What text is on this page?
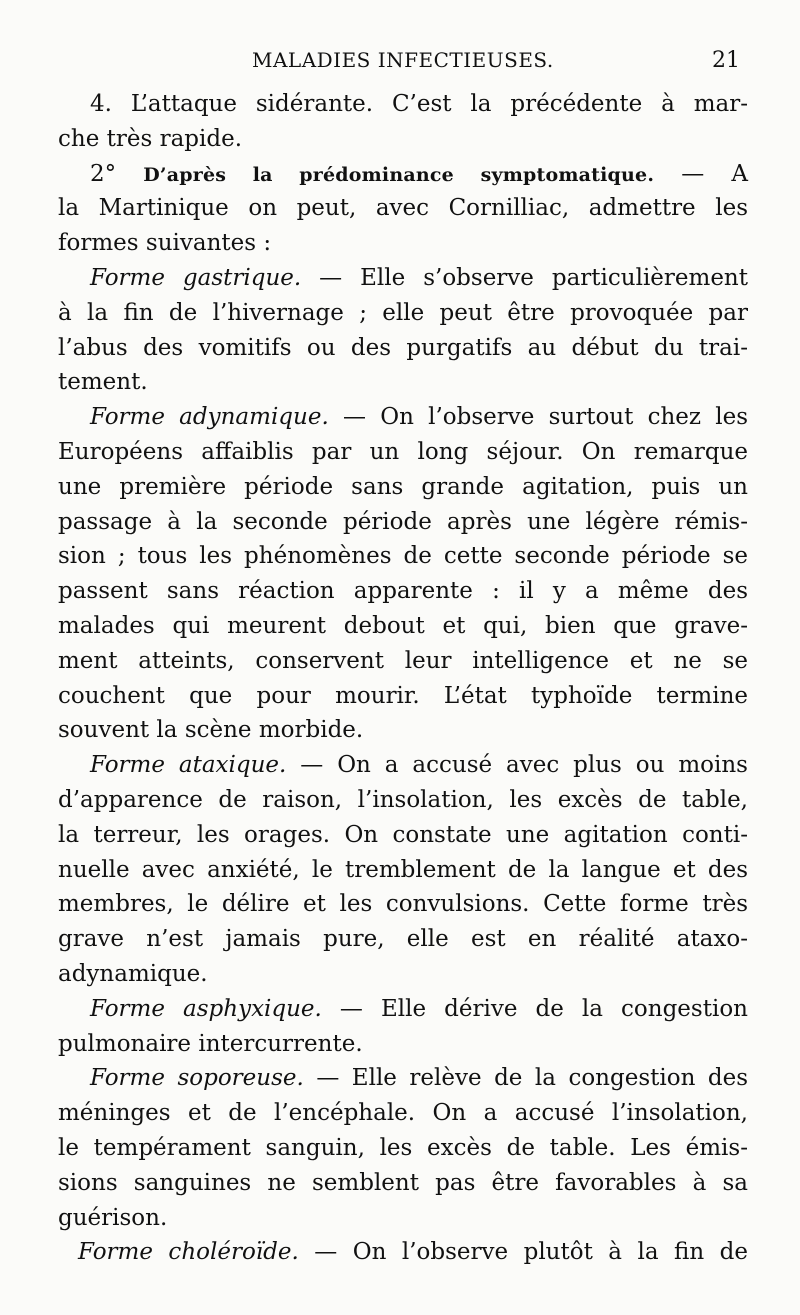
MALADIES INFECTIEUSES.	21
4. L’attaque sidérante. C’est la précédente à mar-
che très rapide.
2° D’après la prédominance symptomatique. — A
la Martinique on peut, avec Cornilliac, admettre les
formes suivantes :
Forme gastrique. — Elle s’observe particulièrement
à la fin de l’hivernage ; elle peut être provoquée par
l’abus des vomitifs ou des purgatifs au début du trai-
tement.
Forme adynamique. — On l’observe surtout chez les
Européens affaiblis par un long séjour. On remarque
une première période sans grande agitation, puis un
passage à la seconde période après une légère rémis-
sion ; tous les phénomènes de cette seconde période se
passent sans réaction apparente : il y a même des
malades qui meurent debout et qui, bien que grave-
ment atteints, conservent leur intelligence et ne se
couchent que pour mourir. L’état typhoïde termine
souvent la scène morbide.
Forme ataxique. — On a accusé avec plus ou moins
d’apparence de raison, l’insolation, les excès de table,
la terreur, les orages. On constate une agitation conti-
nuelle avec anxiété, le tremblement de la langue et des
membres, le délire et les convulsions. Cette forme très
grave n’est jamais pure, elle est en réalité ataxo-
adynamique.
Forme asphyxique. — Elle dérive de la congestion
pulmonaire intercurrente.
Forme soporeuse. — Elle relève de la congestion des
méninges et de l’encéphale. On a accusé l’insolation,
le tempérament sanguin, les excès de table. Les émis-
sions sanguines ne semblent pas être favorables à sa
guérison.
Forme choléroïde. — On l’observe plutôt à la fin de
